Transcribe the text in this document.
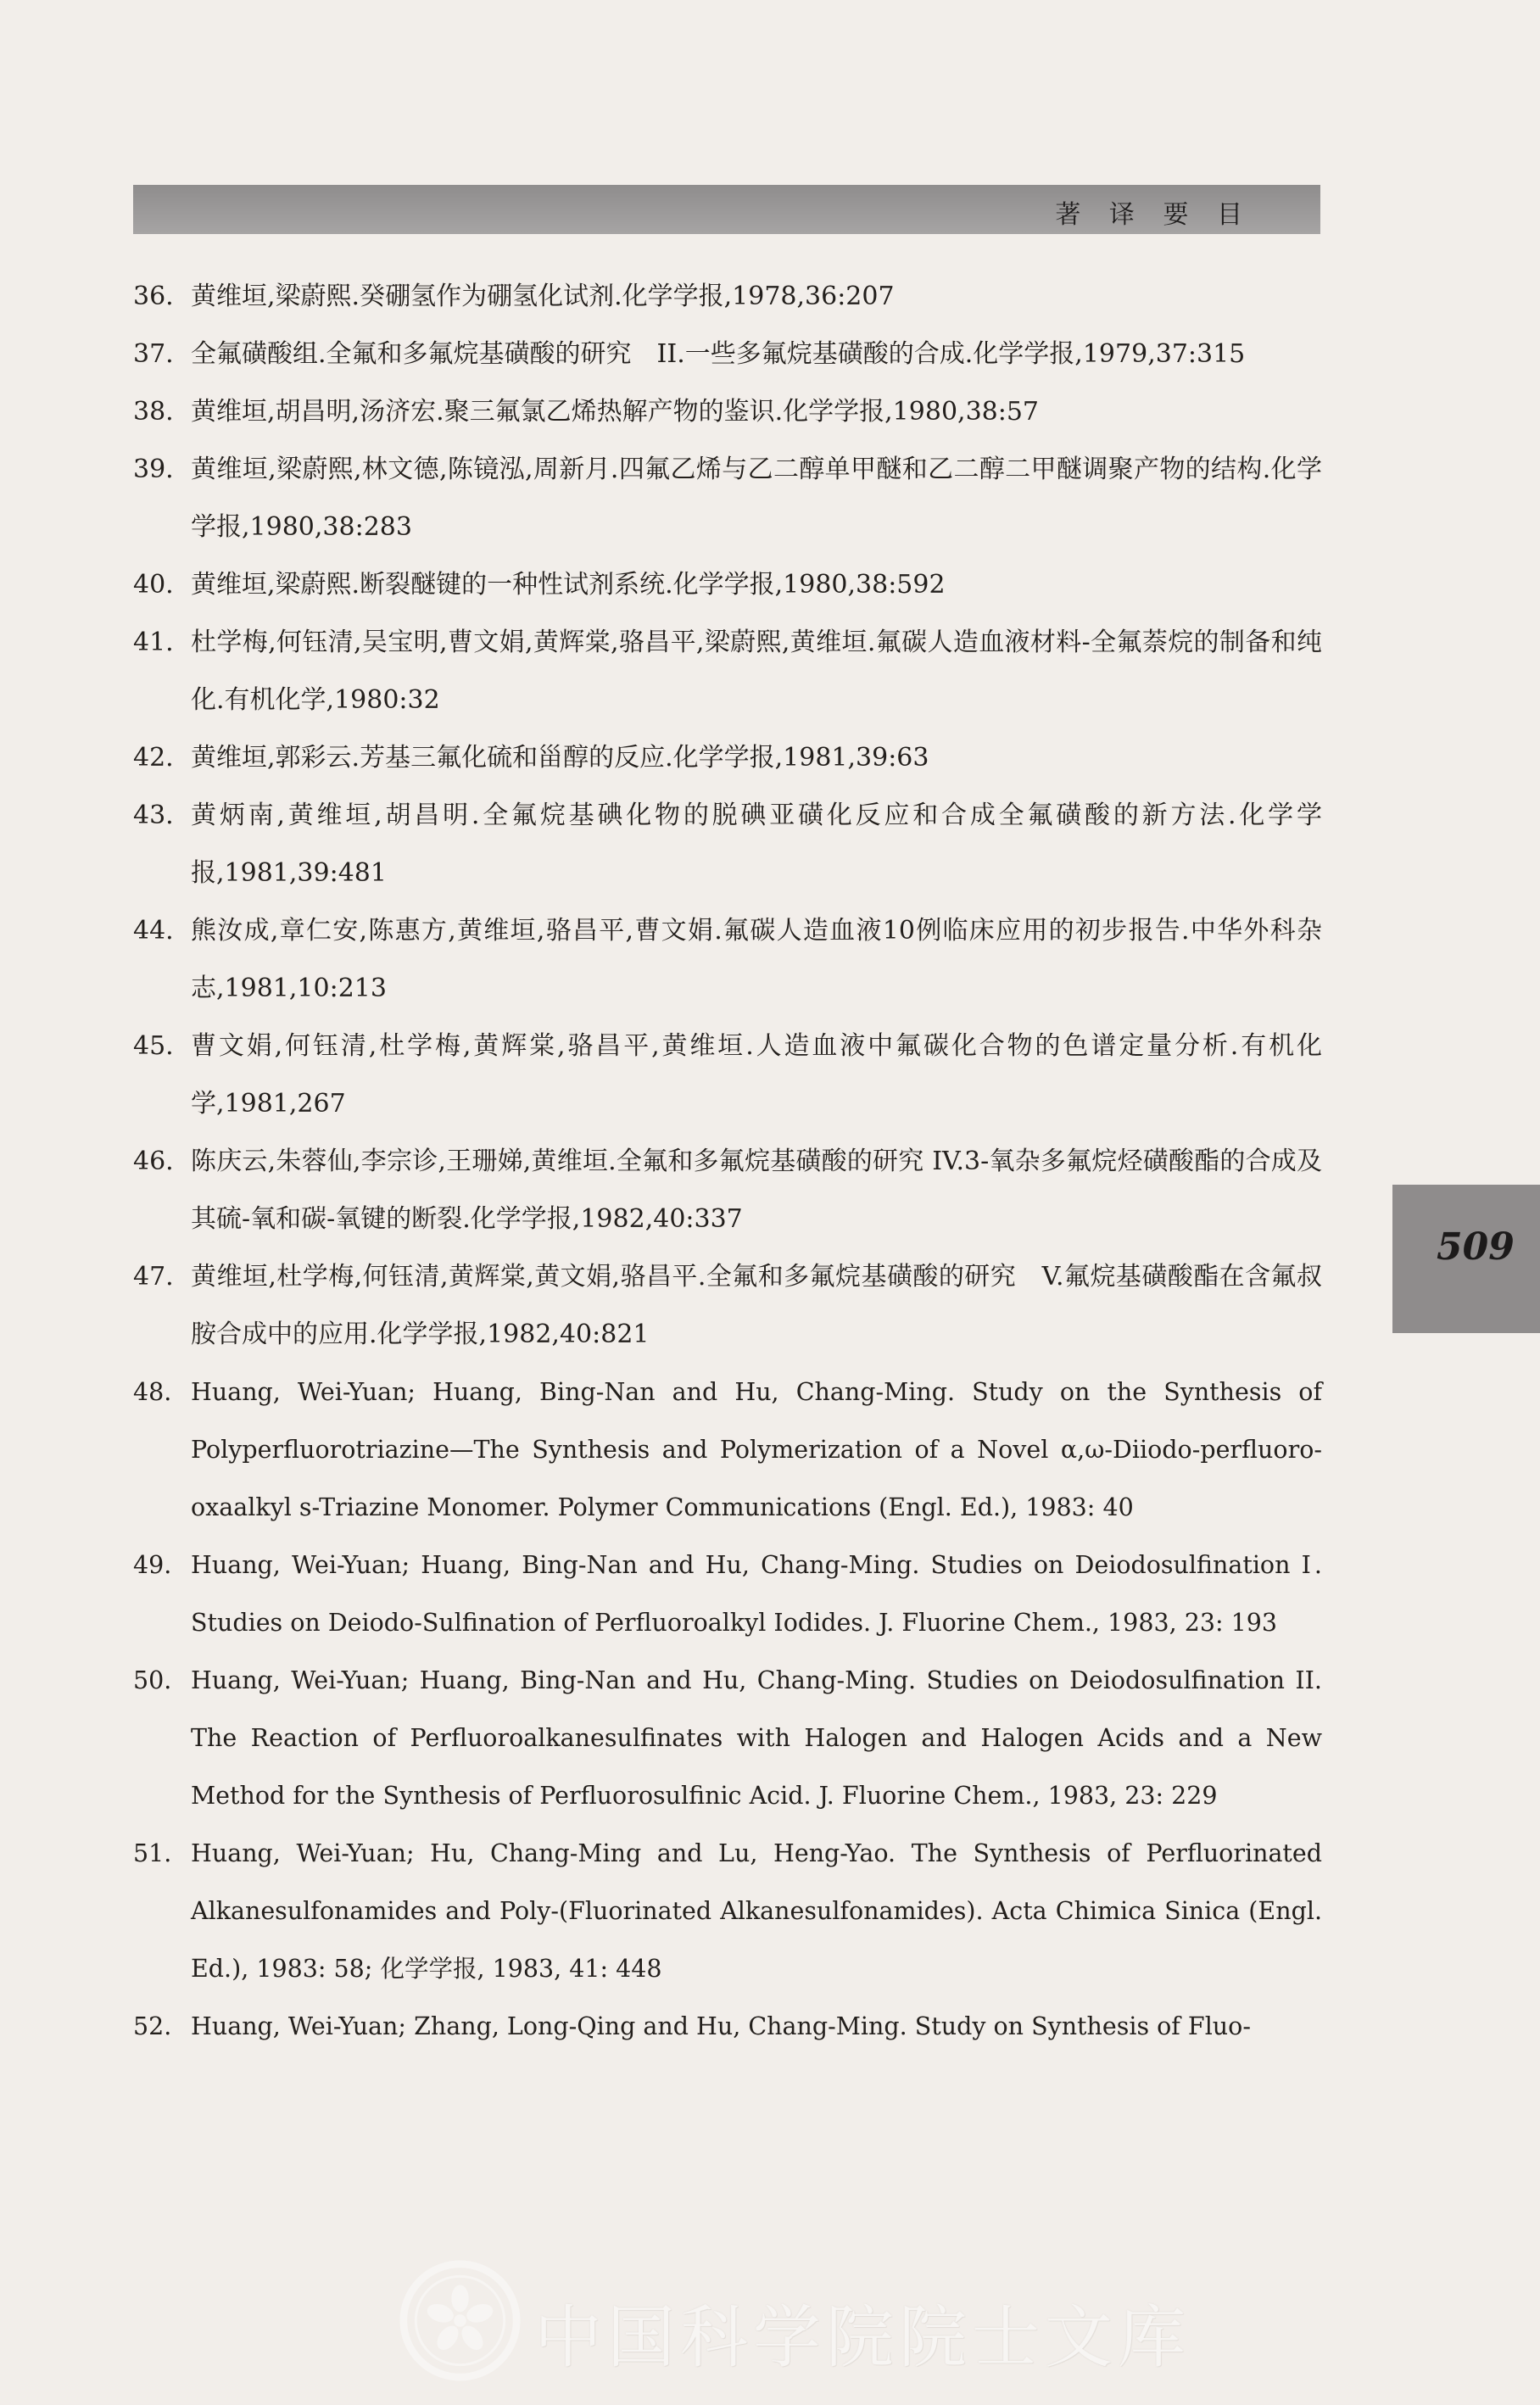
著 译 要 目
509

36. 黄维垣,梁蔚熙.癸硼氢作为硼氢化试剂.化学学报,1978,36:207

37. 全氟磺酸组.全氟和多氟烷基磺酸的研究　II.一些多氟烷基磺酸的合成.化学学报,1979,37:315

38. 黄维垣,胡昌明,汤济宏.聚三氟氯乙烯热解产物的鉴识.化学学报,1980,38:57

39. 黄维垣,梁蔚熙,林文德,陈镜泓,周新月.四氟乙烯与乙二醇单甲醚和乙二醇二甲醚调聚产物的结构.化学学报,1980,38:283

40. 黄维垣,梁蔚熙.断裂醚键的一种性试剂系统.化学学报,1980,38:592

41. 杜学梅,何钰清,吴宝明,曹文娟,黄辉棠,骆昌平,梁蔚熙,黄维垣.氟碳人造血液材料-全氟萘烷的制备和纯化.有机化学,1980:32

42. 黄维垣,郭彩云.芳基三氟化硫和甾醇的反应.化学学报,1981,39:63

43. 黄炳南,黄维垣,胡昌明.全氟烷基碘化物的脱碘亚磺化反应和合成全氟磺酸的新方法.化学学报,1981,39:481

44. 熊汝成,章仁安,陈惠方,黄维垣,骆昌平,曹文娟.氟碳人造血液10例临床应用的初步报告.中华外科杂志,1981,10:213

45. 曹文娟,何钰清,杜学梅,黄辉棠,骆昌平,黄维垣.人造血液中氟碳化合物的色谱定量分析.有机化学,1981,267

46. 陈庆云,朱蓉仙,李宗诊,王珊娣,黄维垣.全氟和多氟烷基磺酸的研究 IV.3-氧杂多氟烷烃磺酸酯的合成及其硫-氧和碳-氧键的断裂.化学学报,1982,40:337

47. 黄维垣,杜学梅,何钰清,黄辉棠,黄文娟,骆昌平.全氟和多氟烷基磺酸的研究　V.氟烷基磺酸酯在含氟叔胺合成中的应用.化学学报,1982,40:821

48. Huang, Wei-Yuan; Huang, Bing-Nan and Hu, Chang-Ming. Study on the Synthesis of Polyperfluorotriazine—The Synthesis and Polymerization of a Novel α,ω-Diiodo-perfluoro-oxaalkyl s-Triazine Monomer. Polymer Communications (Engl. Ed.), 1983: 40

49. Huang, Wei-Yuan; Huang, Bing-Nan and Hu, Chang-Ming. Studies on Deiodosulfination Ⅰ. Studies on Deiodo-Sulfination of Perfluoroalkyl Iodides. J. Fluorine Chem., 1983, 23: 193

50. Huang, Wei-Yuan; Huang, Bing-Nan and Hu, Chang-Ming. Studies on Deiodosulfination II. The Reaction of Perfluoroalkanesulfinates with Halogen and Halogen Acids and a New Method for the Synthesis of Perfluorosulfinic Acid. J. Fluorine Chem., 1983, 23: 229

51. Huang, Wei-Yuan; Hu, Chang-Ming and Lu, Heng-Yao. The Synthesis of Perfluorinated Alkanesulfonamides and Poly-(Fluorinated Alkanesulfonamides). Acta Chimica Sinica (Engl. Ed.), 1983: 58; 化学学报, 1983, 41: 448

52. Huang, Wei-Yuan; Zhang, Long-Qing and Hu, Chang-Ming. Study on Synthesis of Fluo-

中国科学院院士文库
